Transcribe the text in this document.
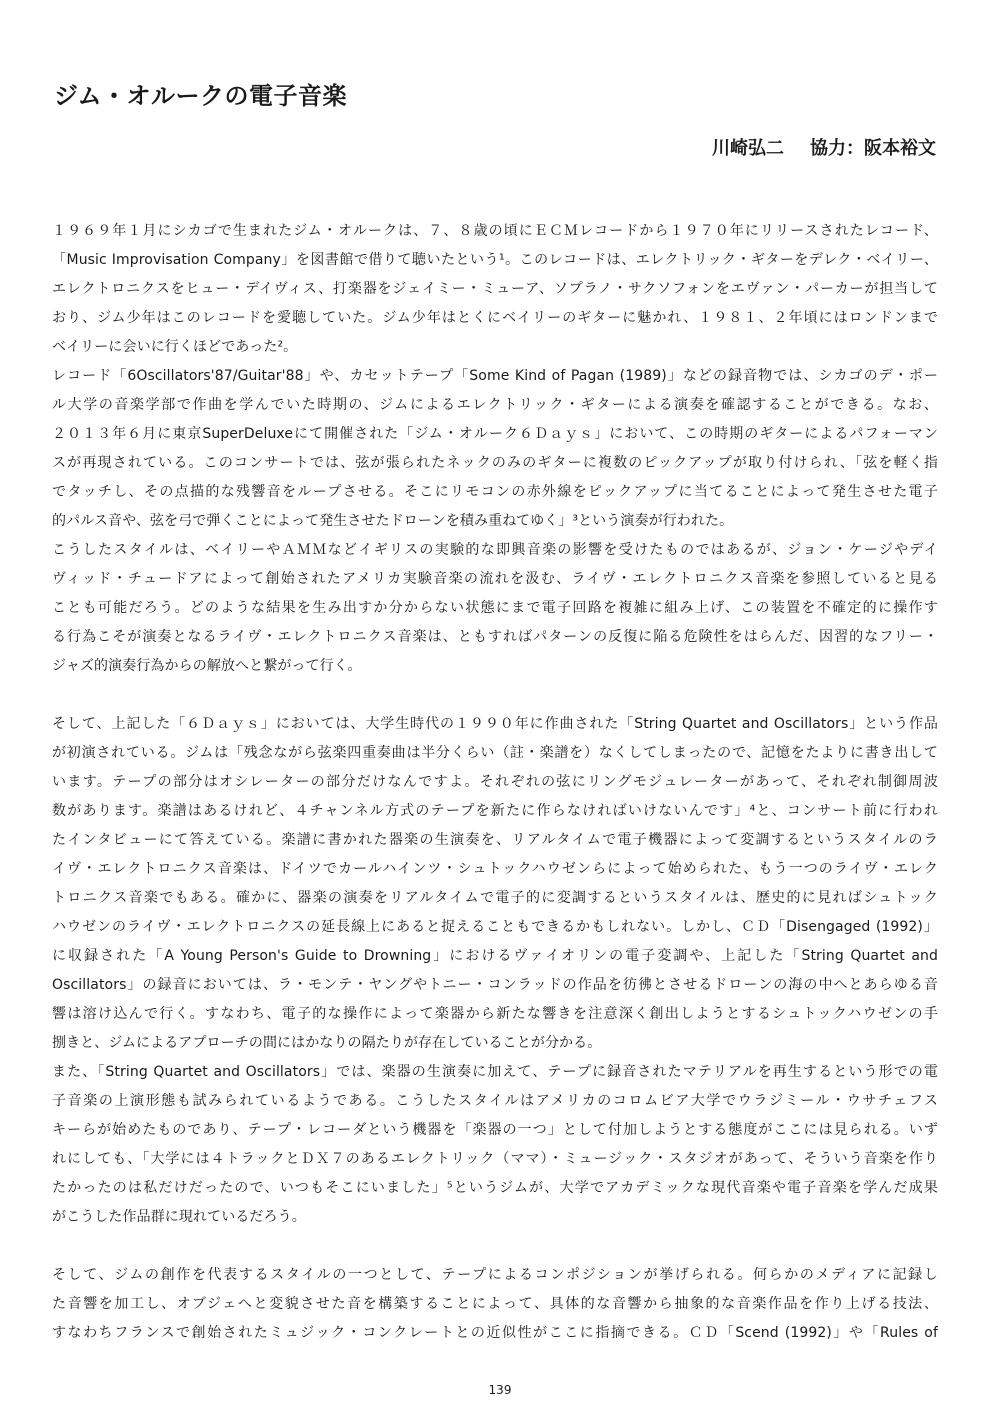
ジム・オルークの電子音楽
川崎弘二 協力：阪本裕文
１９６９年１月にシカゴで生まれたジム・オルークは、７、８歳の頃にＥＣＭレコードから１９７０年にリリースされたレコード、
「Music Improvisation Company」を図書館で借りて聴いたという¹。このレコードは、エレクトリック・ギターをデレク・ベイリー、
エレクトロニクスをヒュー・デイヴィス、打楽器をジェイミー・ミューア、ソプラノ・サクソフォンをエヴァン・パーカーが担当して
おり、ジム少年はこのレコードを愛聴していた。ジム少年はとくにベイリーのギターに魅かれ、１９８１、２年頃にはロンドンまで
ベイリーに会いに行くほどであった²。
レコード「6Oscillators'87/Guitar'88」や、カセットテープ「Some Kind of Pagan (1989)」などの録音物では、シカゴのデ・ポー
ル大学の音楽学部で作曲を学んでいた時期の、ジムによるエレクトリック・ギターによる演奏を確認することができる。なお、
２０１３年６月に東京SuperDeluxeにて開催された「ジム・オルーク６Ｄａｙｓ」において、この時期のギターによるパフォーマン
スが再現されている。このコンサートでは、弦が張られたネックのみのギターに複数のピックアップが取り付けられ、「弦を軽く指
でタッチし、その点描的な残響音をループさせる。そこにリモコンの赤外線をピックアップに当てることによって発生させた電子
的パルス音や、弦を弓で弾くことによって発生させたドローンを積み重ねてゆく」³という演奏が行われた。
こうしたスタイルは、ベイリーやＡＭＭなどイギリスの実験的な即興音楽の影響を受けたものではあるが、ジョン・ケージやデイ
ヴィッド・チュードアによって創始されたアメリカ実験音楽の流れを汲む、ライヴ・エレクトロニクス音楽を参照していると見る
ことも可能だろう。どのような結果を生み出すか分からない状態にまで電子回路を複雑に組み上げ、この装置を不確定的に操作す
る行為こそが演奏となるライヴ・エレクトロニクス音楽は、ともすればパターンの反復に陥る危険性をはらんだ、因習的なフリー・
ジャズ的演奏行為からの解放へと繋がって行く。
そして、上記した「６Ｄａｙｓ」においては、大学生時代の１９９０年に作曲された「String Quartet and Oscillators」という作品
が初演されている。ジムは「残念ながら弦楽四重奏曲は半分くらい（註・楽譜を）なくしてしまったので、記憶をたよりに書き出して
います。テープの部分はオシレーターの部分だけなんですよ。それぞれの弦にリングモジュレーターがあって、それぞれ制御周波
数があります。楽譜はあるけれど、４チャンネル方式のテープを新たに作らなければいけないんです」⁴と、コンサート前に行われ
たインタビューにて答えている。楽譜に書かれた器楽の生演奏を、リアルタイムで電子機器によって変調するというスタイルのラ
イヴ・エレクトロニクス音楽は、ドイツでカールハインツ・シュトックハウゼンらによって始められた、もう一つのライヴ・エレク
トロニクス音楽でもある。確かに、器楽の演奏をリアルタイムで電子的に変調するというスタイルは、歴史的に見ればシュトック
ハウゼンのライヴ・エレクトロニクスの延長線上にあると捉えることもできるかもしれない。しかし、ＣＤ「Disengaged (1992)」
に収録された「A Young Person's Guide to Drowning」におけるヴァイオリンの電子変調や、上記した「String Quartet and
Oscillators」の録音においては、ラ・モンテ・ヤングやトニー・コンラッドの作品を彷彿とさせるドローンの海の中へとあらゆる音
響は溶け込んで行く。すなわち、電子的な操作によって楽器から新たな響きを注意深く創出しようとするシュトックハウゼンの手
捌きと、ジムによるアプローチの間にはかなりの隔たりが存在していることが分かる。
また、「String Quartet and Oscillators」では、楽器の生演奏に加えて、テープに録音されたマテリアルを再生するという形での電
子音楽の上演形態も試みられているようである。こうしたスタイルはアメリカのコロムビア大学でウラジミール・ウサチェフス
キーらが始めたものであり、テープ・レコーダという機器を「楽器の一つ」として付加しようとする態度がここには見られる。いず
れにしても、「大学には４トラックとＤＸ７のあるエレクトリック（ママ）・ミュージック・スタジオがあって、そういう音楽を作り
たかったのは私だけだったので、いつもそこにいました」⁵というジムが、大学でアカデミックな現代音楽や電子音楽を学んだ成果
がこうした作品群に現れているだろう。
そして、ジムの創作を代表するスタイルの一つとして、テープによるコンポジションが挙げられる。何らかのメディアに記録し
た音響を加工し、オブジェへと変貌させた音を構築することによって、具体的な音響から抽象的な音楽作品を作り上げる技法、
すなわちフランスで創始されたミュジック・コンクレートとの近似性がここに指摘できる。ＣＤ「Scend (1992)」や「Rules of
139
